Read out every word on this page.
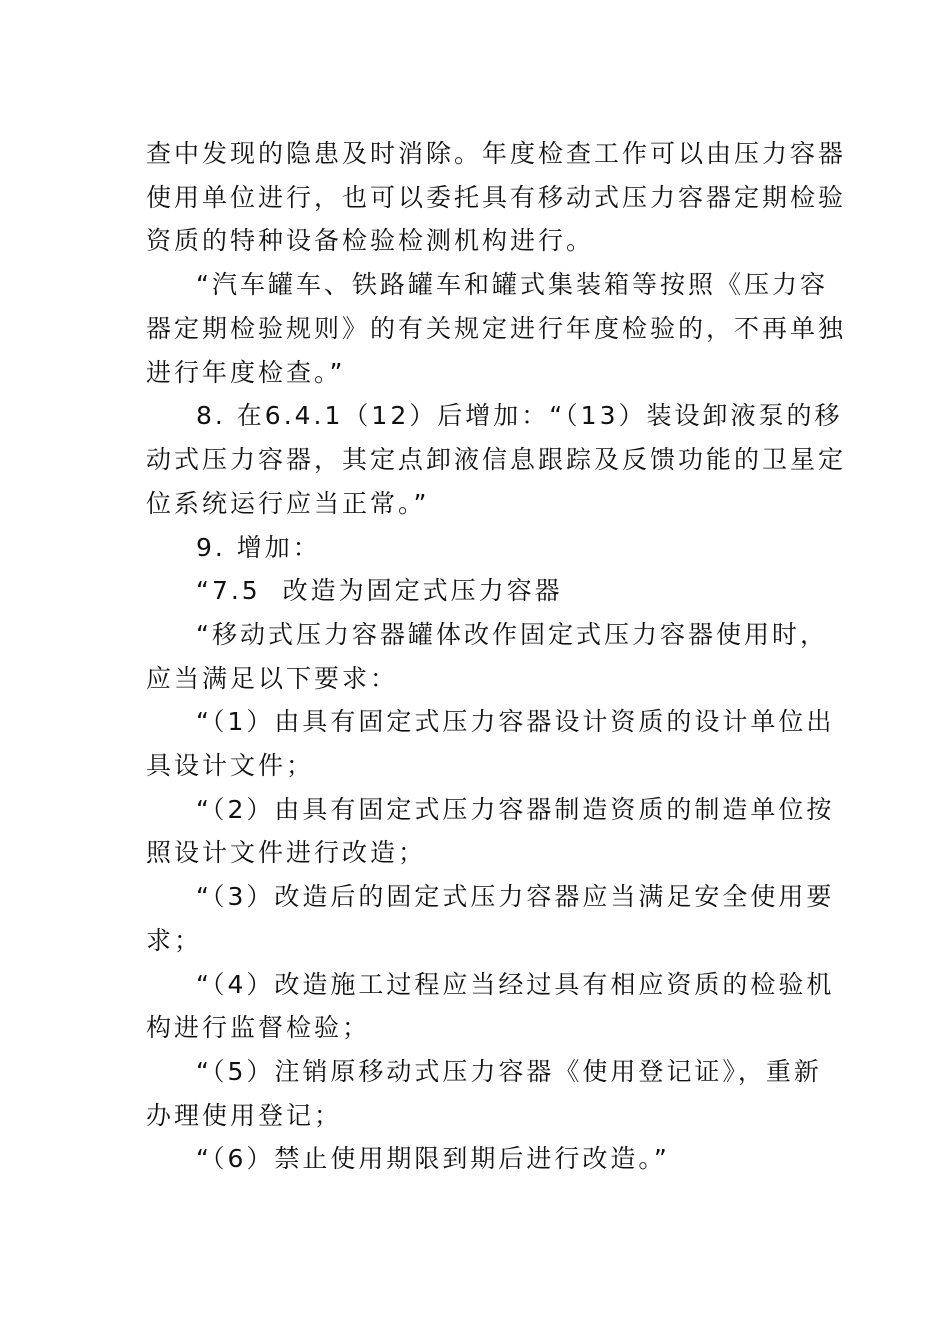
查中发现的隐患及时消除。年度检查工作可以由压力容器
使用单位进行，也可以委托具有移动式压力容器定期检验
资质的特种设备检验检测机构进行。
“汽车罐车、铁路罐车和罐式集装箱等按照《压力容
器定期检验规则》的有关规定进行年度检验的，不再单独
进行年度检查。”
8. 在6.4.1（12）后增加：“（13）装设卸液泵的移
动式压力容器，其定点卸液信息跟踪及反馈功能的卫星定
位系统运行应当正常。”
9. 增加：
“7.5  改造为固定式压力容器
“移动式压力容器罐体改作固定式压力容器使用时，
应当满足以下要求：
“（1）由具有固定式压力容器设计资质的设计单位出
具设计文件；
“（2）由具有固定式压力容器制造资质的制造单位按
照设计文件进行改造；
“（3）改造后的固定式压力容器应当满足安全使用要
求；
“（4）改造施工过程应当经过具有相应资质的检验机
构进行监督检验；
“（5）注销原移动式压力容器《使用登记证》，重新
办理使用登记；
“（6）禁止使用期限到期后进行改造。”
